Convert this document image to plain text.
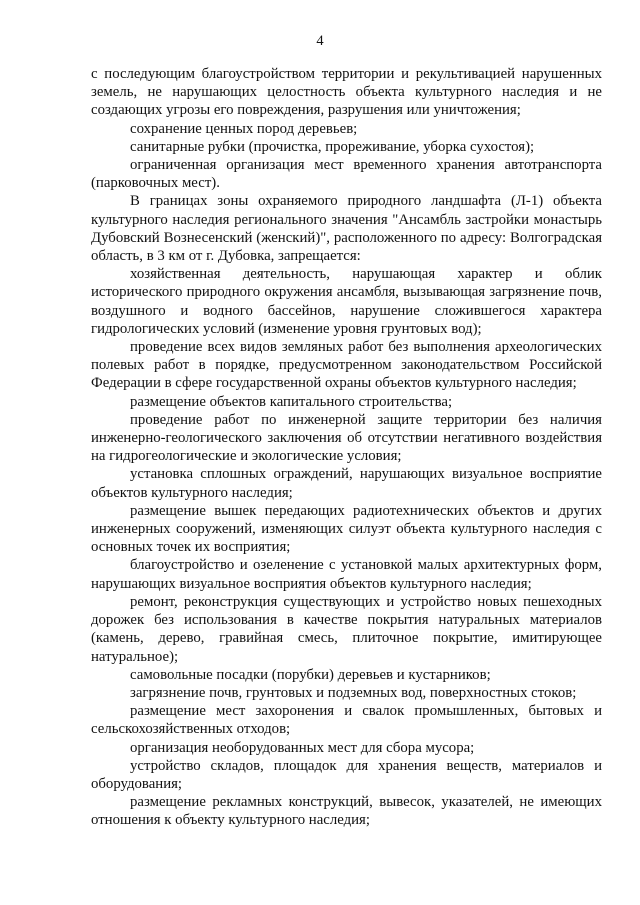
4

с последующим благоустройством территории и рекультивацией нарушенных земель, не нарушающих целостность объекта культурного наследия и не создающих угрозы его повреждения, разрушения или уничтожения;

сохранение ценных пород деревьев;

санитарные рубки (прочистка, прореживание, уборка сухостоя);

ограниченная организация мест временного хранения автотранспорта (парковочных мест).

В границах зоны охраняемого природного ландшафта (Л-1) объекта культурного наследия регионального значения "Ансамбль застройки монастырь Дубовский Вознесенский (женский)", расположенного по адресу: Волгоградская область, в 3 км от г. Дубовка, запрещается:

хозяйственная деятельность, нарушающая характер и облик исторического природного окружения ансамбля, вызывающая загрязнение почв, воздушного и водного бассейнов, нарушение сложившегося характера гидрологических условий (изменение уровня грунтовых вод);

проведение всех видов земляных работ без выполнения археологических полевых работ в порядке, предусмотренном законодательством Российской Федерации в сфере государственной охраны объектов культурного наследия;

размещение объектов капитального строительства;

проведение работ по инженерной защите территории без наличия инженерно-геологического заключения об отсутствии негативного воздействия на гидрогеологические и экологические условия;

установка сплошных ограждений, нарушающих визуальное восприятие объектов культурного наследия;

размещение вышек передающих радиотехнических объектов и других инженерных сооружений, изменяющих силуэт объекта культурного наследия с основных точек их восприятия;

благоустройство и озеленение с установкой малых архитектурных форм, нарушающих визуальное восприятия объектов культурного наследия;

ремонт, реконструкция существующих и устройство новых пешеходных дорожек без использования в качестве покрытия натуральных материалов (камень, дерево, гравийная смесь, плиточное покрытие, имитирующее натуральное);

самовольные посадки (порубки) деревьев и кустарников;

загрязнение почв, грунтовых и подземных вод, поверхностных стоков;

размещение мест захоронения и свалок промышленных, бытовых и сельскохозяйственных отходов;

организация необорудованных мест для сбора мусора;

устройство складов, площадок для хранения веществ, материалов и оборудования;

размещение рекламных конструкций, вывесок, указателей, не имеющих отношения к объекту культурного наследия;
